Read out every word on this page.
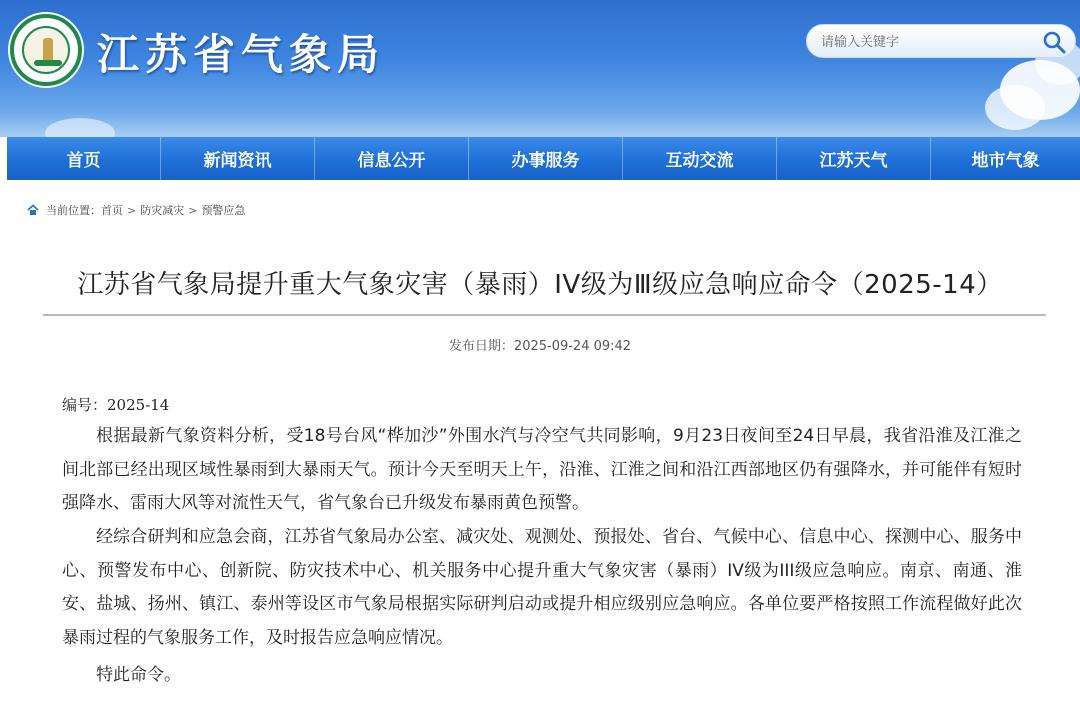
江苏省气象局
请输入关键字
首页	新闻资讯	信息公开	办事服务	互动交流	江苏天气	地市气象
当前位置： 首页 > 防灾减灾 > 预警应急
江苏省气象局提升重大气象灾害（暴雨）IV级为Ⅲ级应急响应命令（2025-14）
发布日期：2025-09-24 09:42
编号：2025-14

根据最新气象资料分析，受18号台风“桦加沙”外围水汽与冷空气共同影响，9月23日夜间至24日早晨，我省沿淮及江淮之间北部已经出现区域性暴雨到大暴雨天气。预计今天至明天上午，沿淮、江淮之间和沿江西部地区仍有强降水，并可能伴有短时强降水、雷雨大风等对流性天气，省气象台已升级发布暴雨黄色预警。

经综合研判和应急会商，江苏省气象局办公室、减灾处、观测处、预报处、省台、气候中心、信息中心、探测中心、服务中心、预警发布中心、创新院、防灾技术中心、机关服务中心提升重大气象灾害（暴雨）IV级为III级应急响应。南京、南通、淮安、盐城、扬州、镇江、泰州等设区市气象局根据实际研判启动或提升相应级别应急响应。各单位要严格按照工作流程做好此次暴雨过程的气象服务工作，及时报告应急响应情况。

特此命令。
